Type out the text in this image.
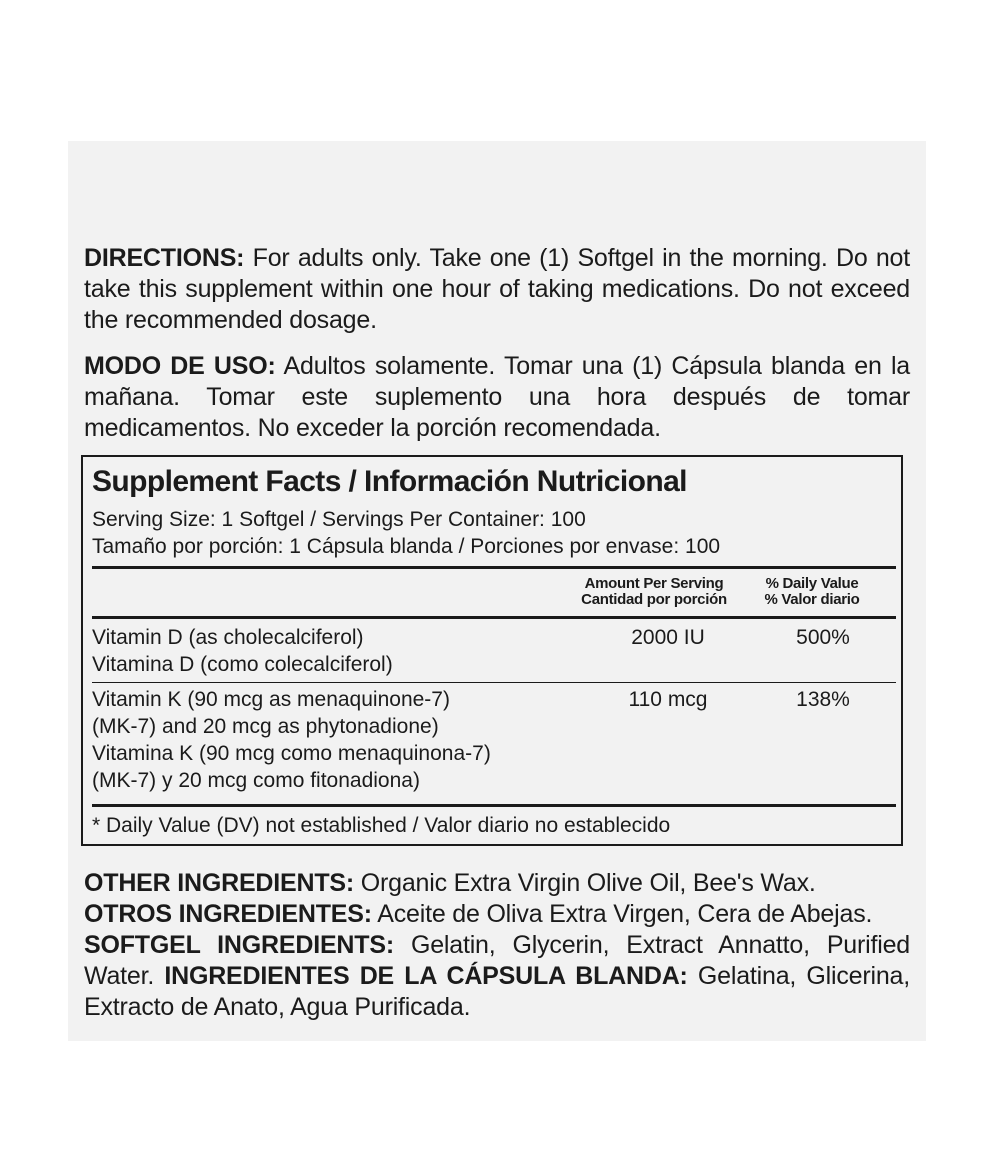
DIRECTIONS: For adults only. Take one (1) Softgel in the morning. Do not take this supplement within one hour of taking medications. Do not exceed the recommended dosage.

MODO DE USO: Adultos solamente. Tomar una (1) Cápsula blanda en la mañana. Tomar este suplemento una hora después de tomar medicamentos. No exceder la porción recomendada.

Supplement Facts / Información Nutricional
Serving Size: 1 Softgel / Servings Per Container: 100
Tamaño por porción: 1 Cápsula blanda / Porciones por envase: 100
Amount Per Serving
Cantidad por porción
% Daily Value
% Valor diario
Vitamin D (as cholecalciferol)
Vitamina D (como colecalciferol)
2000 IU	500%
Vitamin K (90 mcg as menaquinone-7)
(MK-7) and 20 mcg as phytonadione)
Vitamina K (90 mcg como menaquinona-7)
(MK-7) y 20 mcg como fitonadiona)
110 mcg	138%
* Daily Value (DV) not established / Valor diario no establecido

OTHER INGREDIENTS: Organic Extra Virgin Olive Oil, Bee's Wax.
OTROS INGREDIENTES: Aceite de Oliva Extra Virgen, Cera de Abejas.
SOFTGEL INGREDIENTS: Gelatin, Glycerin, Extract Annatto, Purified Water. INGREDIENTES DE LA CÁPSULA BLANDA: Gelatina, Glicerina, Extracto de Anato, Agua Purificada.
